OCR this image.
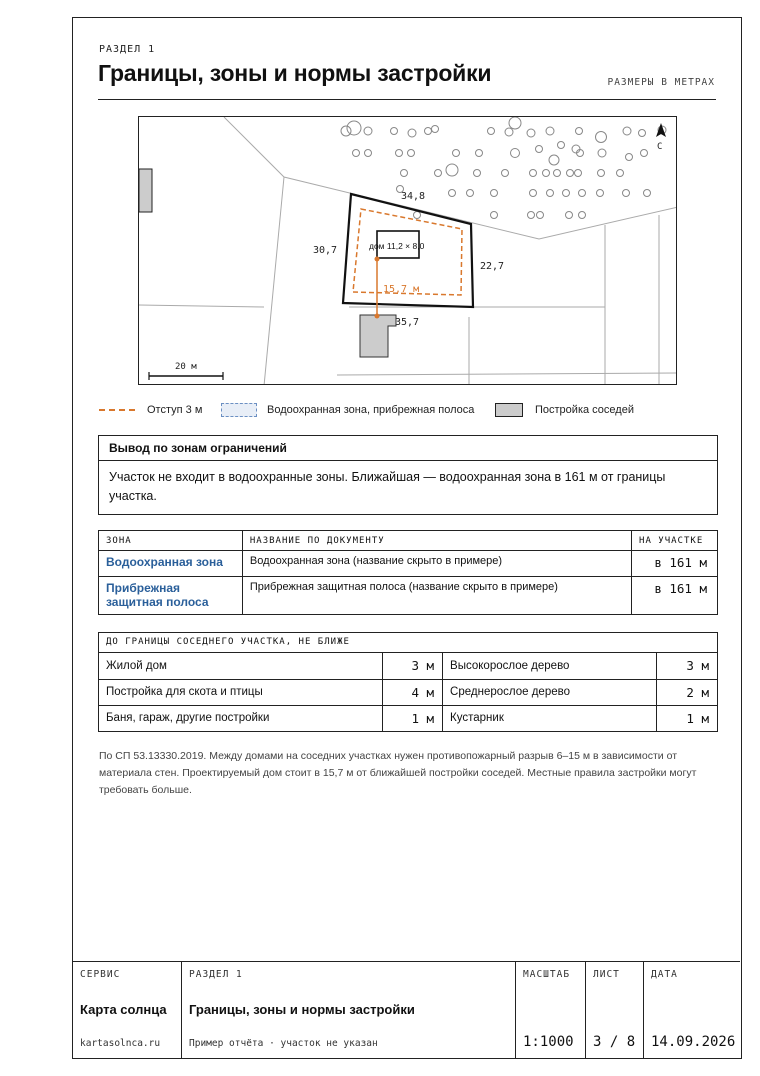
РАЗДЕЛ 1
Границы, зоны и нормы застройки	РАЗМЕРЫ В МЕТРАХ
34,8
30,7
22,7
35,7
дом 11,2 × 8,0
15,7 м
С
20 м
Отступ 3 м	Водоохранная зона, прибрежная полоса	Постройка соседей
Вывод по зонам ограничений
Участок не входит в водоохранные зоны. Ближайшая — водоохранная зона в 161 м от границы участка.
ЗОНА	НАЗВАНИЕ ПО ДОКУМЕНТУ	НА УЧАСТКЕ
Водоохранная зона	Водоохранная зона (название скрыто в примере)	в 161 м
Прибрежная защитная полоса	Прибрежная защитная полоса (название скрыто в примере)	в 161 м
ДО ГРАНИЦЫ СОСЕДНЕГО УЧАСТКА, НЕ БЛИЖЕ
Жилой дом	3 м	Высокорослое дерево	3 м
Постройка для скота и птицы	4 м	Среднерослое дерево	2 м
Баня, гараж, другие постройки	1 м	Кустарник	1 м
По СП 53.13330.2019. Между домами на соседних участках нужен противопожарный разрыв 6–15 м в зависимости от материала стен. Проектируемый дом стоит в 15,7 м от ближайшей постройки соседей. Местные правила застройки могут требовать больше.
СЕРВИС
Карта солнца
kartasolnca.ru
РАЗДЕЛ 1
Границы, зоны и нормы застройки
Пример отчёта · участок не указан
МАСШТАБ
1:1000
ЛИСТ
3 / 8
ДАТА
14.09.2026
